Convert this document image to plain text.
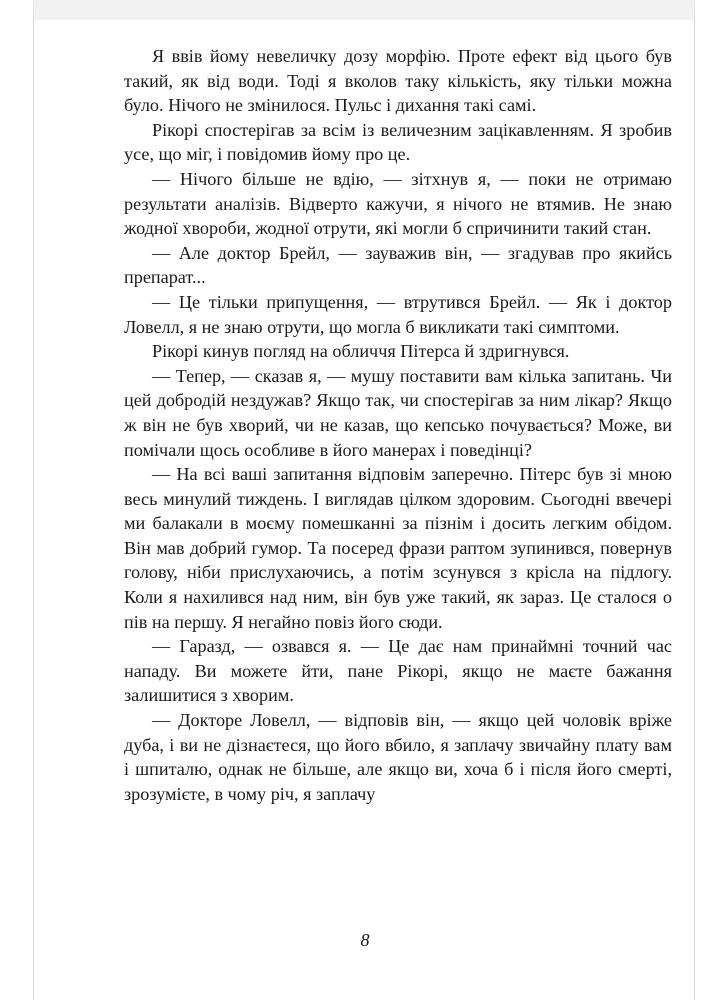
Я ввів йому невеличку дозу морфію. Проте ефект від цього був такий, як від води. Тоді я вколов таку кількість, яку тільки можна було. Нічого не змінилося. Пульс і дихання такі самі.

Рікорі спостерігав за всім із величезним зацікавленням. Я зробив усе, що міг, і повідомив йому про це.

— Нічого більше не вдію, — зітхнув я, — поки не отримаю результати аналізів. Відверто кажучи, я нічого не втямив. Не знаю жодної хвороби, жодної отрути, які могли б спричинити такий стан.

— Але доктор Брейл, — зауважив він, — згадував про якийсь препарат...

— Це тільки припущення, — втрутився Брейл. — Як і доктор Ловелл, я не знаю отрути, що могла б викликати такі симптоми.

Рікорі кинув погляд на обличчя Пітерса й здригнувся.

— Тепер, — сказав я, — мушу поставити вам кілька запитань. Чи цей добродій нездужав? Якщо так, чи спостерігав за ним лікар? Якщо ж він не був хворий, чи не казав, що кепсько почувається? Може, ви помічали щось особливе в його манерах і поведінці?

— На всі ваші запитання відповім заперечно. Пітерс був зі мною весь минулий тиждень. І виглядав цілком здоровим. Сьогодні ввечері ми балакали в моєму помешканні за пізнім і досить легким обідом. Він мав добрий гумор. Та посеред фрази раптом зупинився, повернув голову, ніби прислухаючись, а потім зсунувся з крісла на підлогу. Коли я нахилився над ним, він був уже такий, як зараз. Це сталося о пів на першу. Я негайно повіз його сюди.

— Гаразд, — озвався я. — Це дає нам принаймні точний час нападу. Ви можете йти, пане Рікорі, якщо не маєте бажання залишитися з хворим.

— Докторе Ловелл, — відповів він, — якщо цей чоловік вріже дуба, і ви не дізнаєтеся, що його вбило, я заплачу звичайну плату вам і шпиталю, однак не більше, але якщо ви, хоча б і після його смерті, зрозумієте, в чому річ, я заплачу

8
